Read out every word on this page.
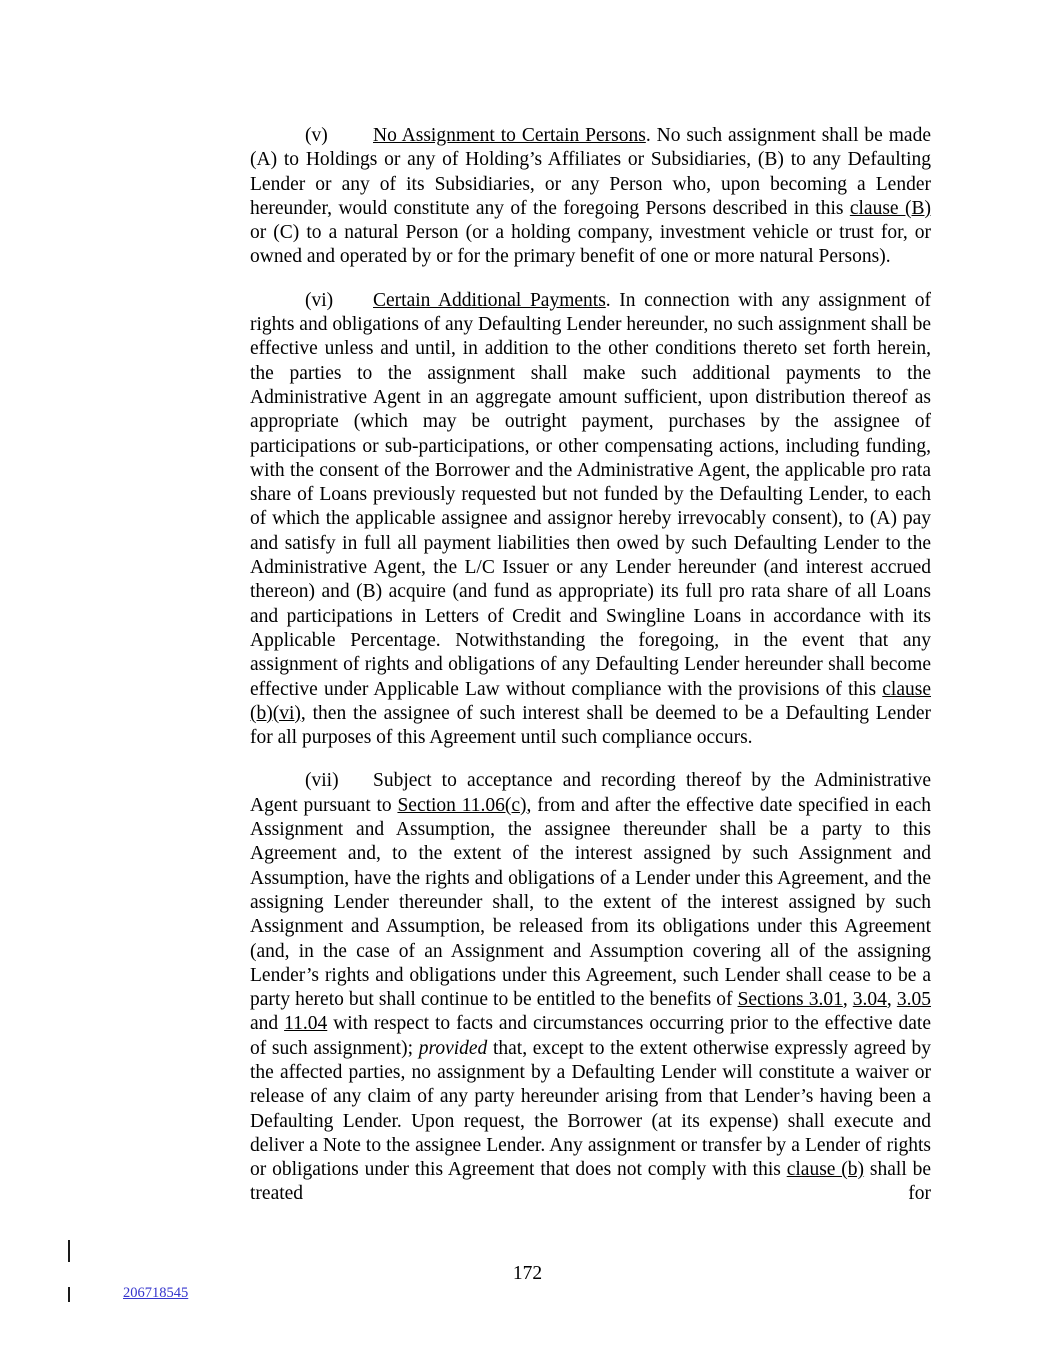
(v) No Assignment to Certain Persons. No such assignment shall be made (A) to Holdings or any of Holding’s Affiliates or Subsidiaries, (B) to any Defaulting Lender or any of its Subsidiaries, or any Person who, upon becoming a Lender hereunder, would constitute any of the foregoing Persons described in this clause (B) or (C) to a natural Person (or a holding company, investment vehicle or trust for, or owned and operated by or for the primary benefit of one or more natural Persons).

(vi) Certain Additional Payments. In connection with any assignment of rights and obligations of any Defaulting Lender hereunder, no such assignment shall be effective unless and until, in addition to the other conditions thereto set forth herein, the parties to the assignment shall make such additional payments to the Administrative Agent in an aggregate amount sufficient, upon distribution thereof as appropriate (which may be outright payment, purchases by the assignee of participations or sub-participations, or other compensating actions, including funding, with the consent of the Borrower and the Administrative Agent, the applicable pro rata share of Loans previously requested but not funded by the Defaulting Lender, to each of which the applicable assignee and assignor hereby irrevocably consent), to (A) pay and satisfy in full all payment liabilities then owed by such Defaulting Lender to the Administrative Agent, the L/C Issuer or any Lender hereunder (and interest accrued thereon) and (B) acquire (and fund as appropriate) its full pro rata share of all Loans and participations in Letters of Credit and Swingline Loans in accordance with its Applicable Percentage. Notwithstanding the foregoing, in the event that any assignment of rights and obligations of any Defaulting Lender hereunder shall become effective under Applicable Law without compliance with the provisions of this clause (b)(vi), then the assignee of such interest shall be deemed to be a Defaulting Lender for all purposes of this Agreement until such compliance occurs.

(vii) Subject to acceptance and recording thereof by the Administrative Agent pursuant to Section 11.06(c), from and after the effective date specified in each Assignment and Assumption, the assignee thereunder shall be a party to this Agreement and, to the extent of the interest assigned by such Assignment and Assumption, have the rights and obligations of a Lender under this Agreement, and the assigning Lender thereunder shall, to the extent of the interest assigned by such Assignment and Assumption, be released from its obligations under this Agreement (and, in the case of an Assignment and Assumption covering all of the assigning Lender’s rights and obligations under this Agreement, such Lender shall cease to be a party hereto but shall continue to be entitled to the benefits of Sections 3.01, 3.04, 3.05 and 11.04 with respect to facts and circumstances occurring prior to the effective date of such assignment); provided that, except to the extent otherwise expressly agreed by the affected parties, no assignment by a Defaulting Lender will constitute a waiver or release of any claim of any party hereunder arising from that Lender’s having been a Defaulting Lender. Upon request, the Borrower (at its expense) shall execute and deliver a Note to the assignee Lender. Any assignment or transfer by a Lender of rights or obligations under this Agreement that does not comply with this clause (b) shall be treated for

172
206718545
